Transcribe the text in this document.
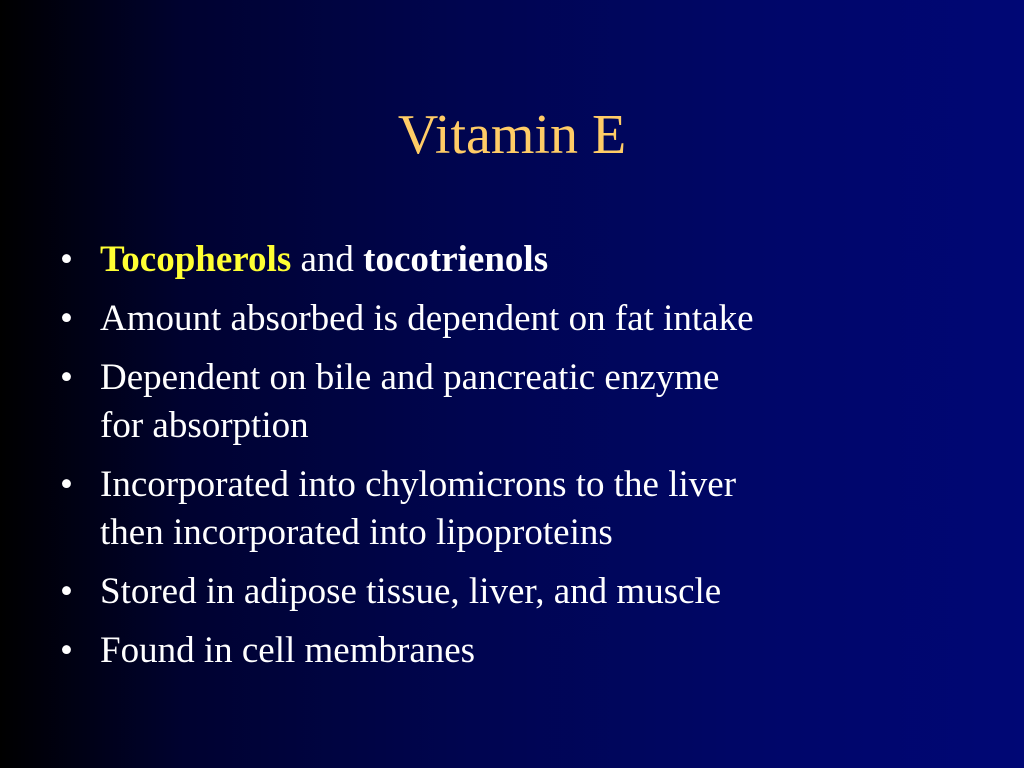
Vitamin E
• Tocopherols and tocotrienols
• Amount absorbed is dependent on fat intake
• Dependent on bile and pancreatic enzyme
for absorption
• Incorporated into chylomicrons to the liver
then incorporated into lipoproteins
• Stored in adipose tissue, liver, and muscle
• Found in cell membranes
